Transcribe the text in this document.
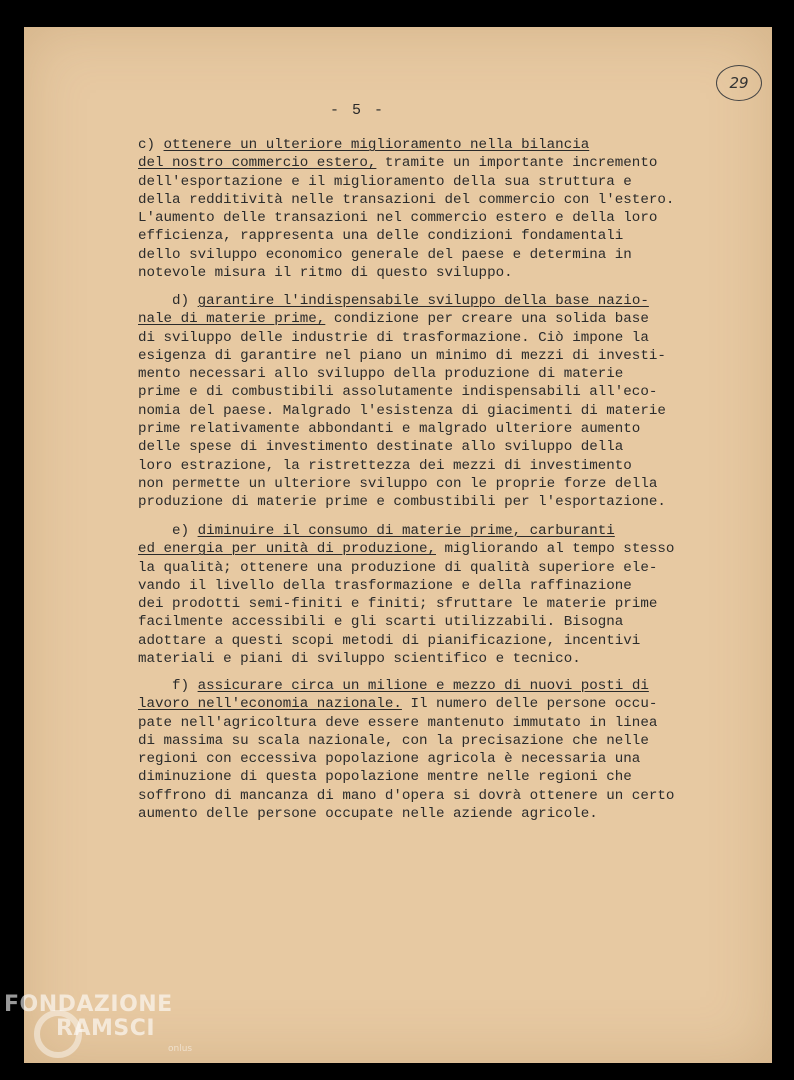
29
- 5 -
c) ottenere un ulteriore miglioramento nella bilancia
del nostro commercio estero, tramite un importante incremento
dell'esportazione e il miglioramento della sua struttura e
della redditività nelle transazioni del commercio con l'estero.
L'aumento delle transazioni nel commercio estero e della loro
efficienza, rappresenta una delle condizioni fondamentali
dello sviluppo economico generale del paese e determina in
notevole misura il ritmo di questo sviluppo.
d) garantire l'indispensabile sviluppo della base nazio-
nale di materie prime, condizione per creare una solida base
di sviluppo delle industrie di trasformazione. Ciò impone la
esigenza di garantire nel piano un minimo di mezzi di investi-
mento necessari allo sviluppo della produzione di materie
prime e di combustibili assolutamente indispensabili all'eco-
nomia del paese. Malgrado l'esistenza di giacimenti di materie
prime relativamente abbondanti e malgrado ulteriore aumento
delle spese di investimento destinate allo sviluppo della
loro estrazione, la ristrettezza dei mezzi di investimento
non permette un ulteriore sviluppo con le proprie forze della
produzione di materie prime e combustibili per l'esportazione.
e) diminuire il consumo di materie prime, carburanti
ed energia per unità di produzione, migliorando al tempo stesso
la qualità; ottenere una produzione di qualità superiore ele-
vando il livello della trasformazione e della raffinazione
dei prodotti semi-finiti e finiti; sfruttare le materie prime
facilmente accessibili e gli scarti utilizzabili. Bisogna
adottare a questi scopi metodi di pianificazione, incentivi
materiali e piani di sviluppo scientifico e tecnico.
f) assicurare circa un milione e mezzo di nuovi posti di
lavoro nell'economia nazionale. Il numero delle persone occu-
pate nell'agricoltura deve essere mantenuto immutato in linea
di massima su scala nazionale, con la precisazione che nelle
regioni con eccessiva popolazione agricola è necessaria una
diminuzione di questa popolazione mentre nelle regioni che
soffrono di mancanza di mano d'opera si dovrà ottenere un certo
aumento delle persone occupate nelle aziende agricole.
FONDAZIONE
RAMSCI
onlus
